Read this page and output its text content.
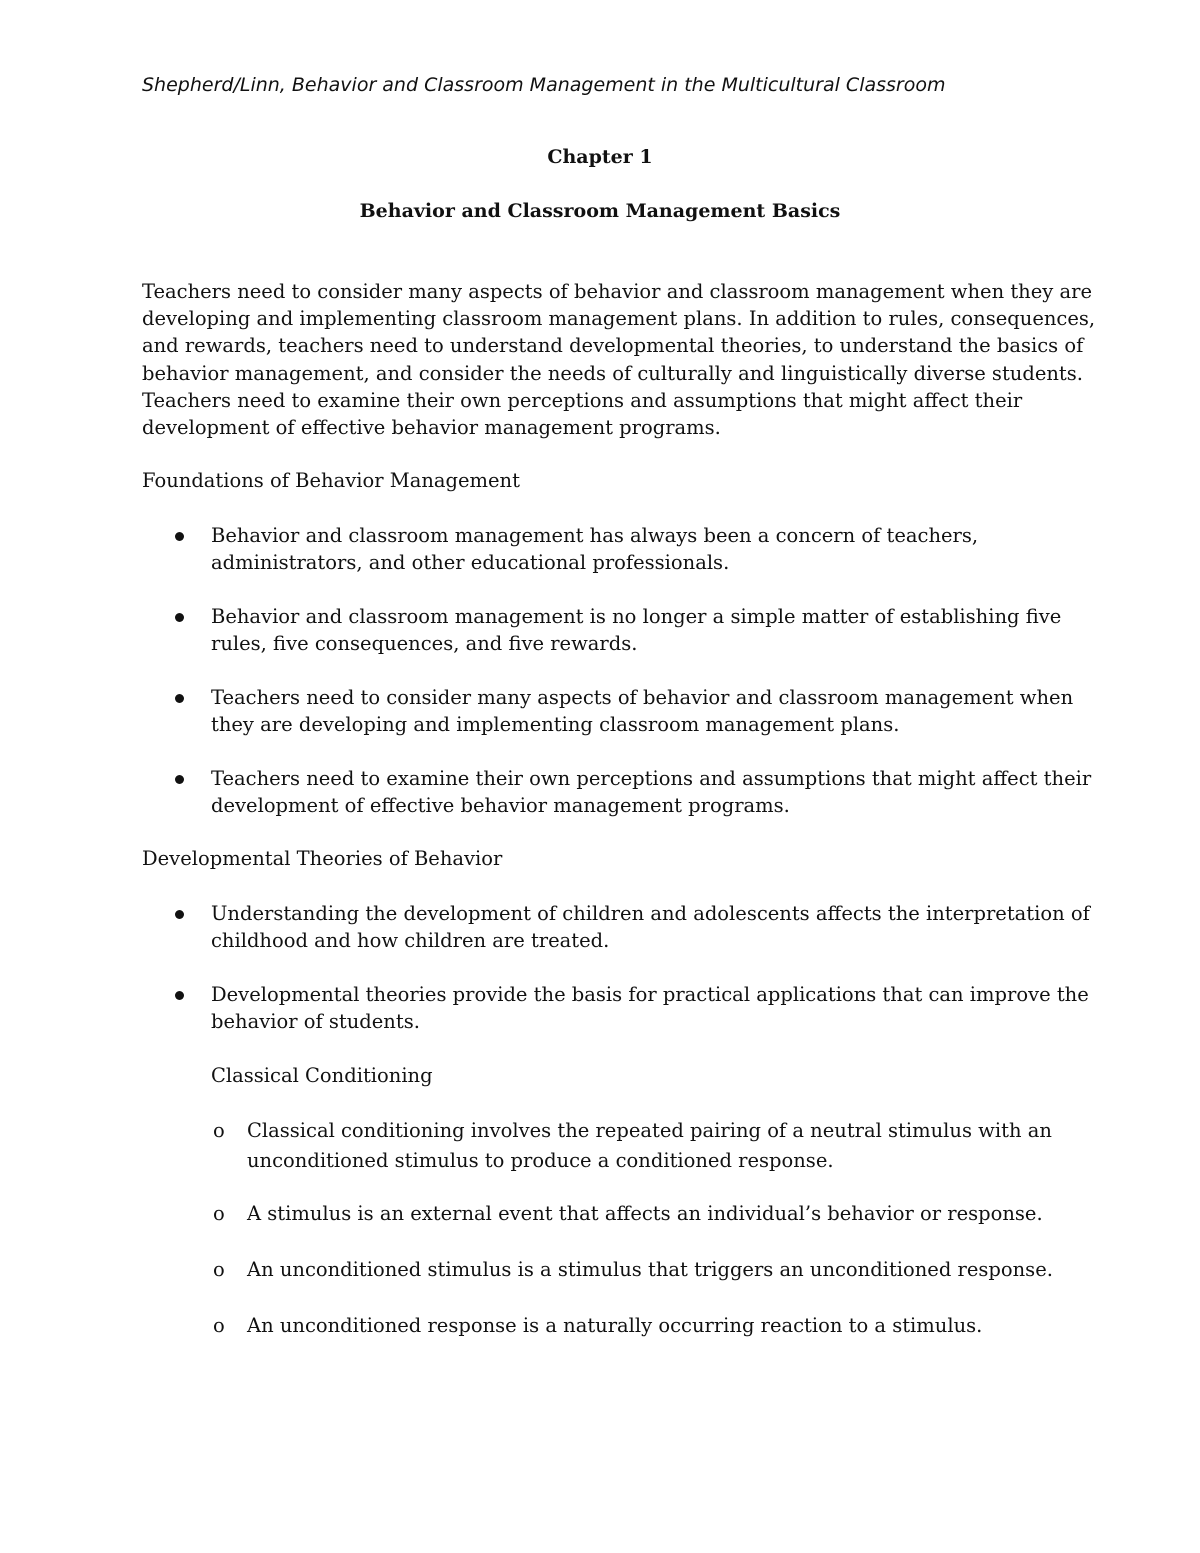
Shepherd/Linn, Behavior and Classroom Management in the Multicultural Classroom
Chapter 1
Behavior and Classroom Management Basics
Teachers need to consider many aspects of behavior and classroom management when they are
developing and implementing classroom management plans. In addition to rules, consequences,
and rewards, teachers need to understand developmental theories, to understand the basics of
behavior management, and consider the needs of culturally and linguistically diverse students.
Teachers need to examine their own perceptions and assumptions that might affect their
development of effective behavior management programs.
Foundations of Behavior Management
Behavior and classroom management has always been a concern of teachers,
administrators, and other educational professionals.
Behavior and classroom management is no longer a simple matter of establishing five
rules, five consequences, and five rewards.
Teachers need to consider many aspects of behavior and classroom management when
they are developing and implementing classroom management plans.
Teachers need to examine their own perceptions and assumptions that might affect their
development of effective behavior management programs.
Developmental Theories of Behavior
Understanding the development of children and adolescents affects the interpretation of
childhood and how children are treated.
Developmental theories provide the basis for practical applications that can improve the
behavior of students.
Classical Conditioning
o Classical conditioning involves the repeated pairing of a neutral stimulus with an
unconditioned stimulus to produce a conditioned response.
o A stimulus is an external event that affects an individual’s behavior or response.
o An unconditioned stimulus is a stimulus that triggers an unconditioned response.
o An unconditioned response is a naturally occurring reaction to a stimulus.
